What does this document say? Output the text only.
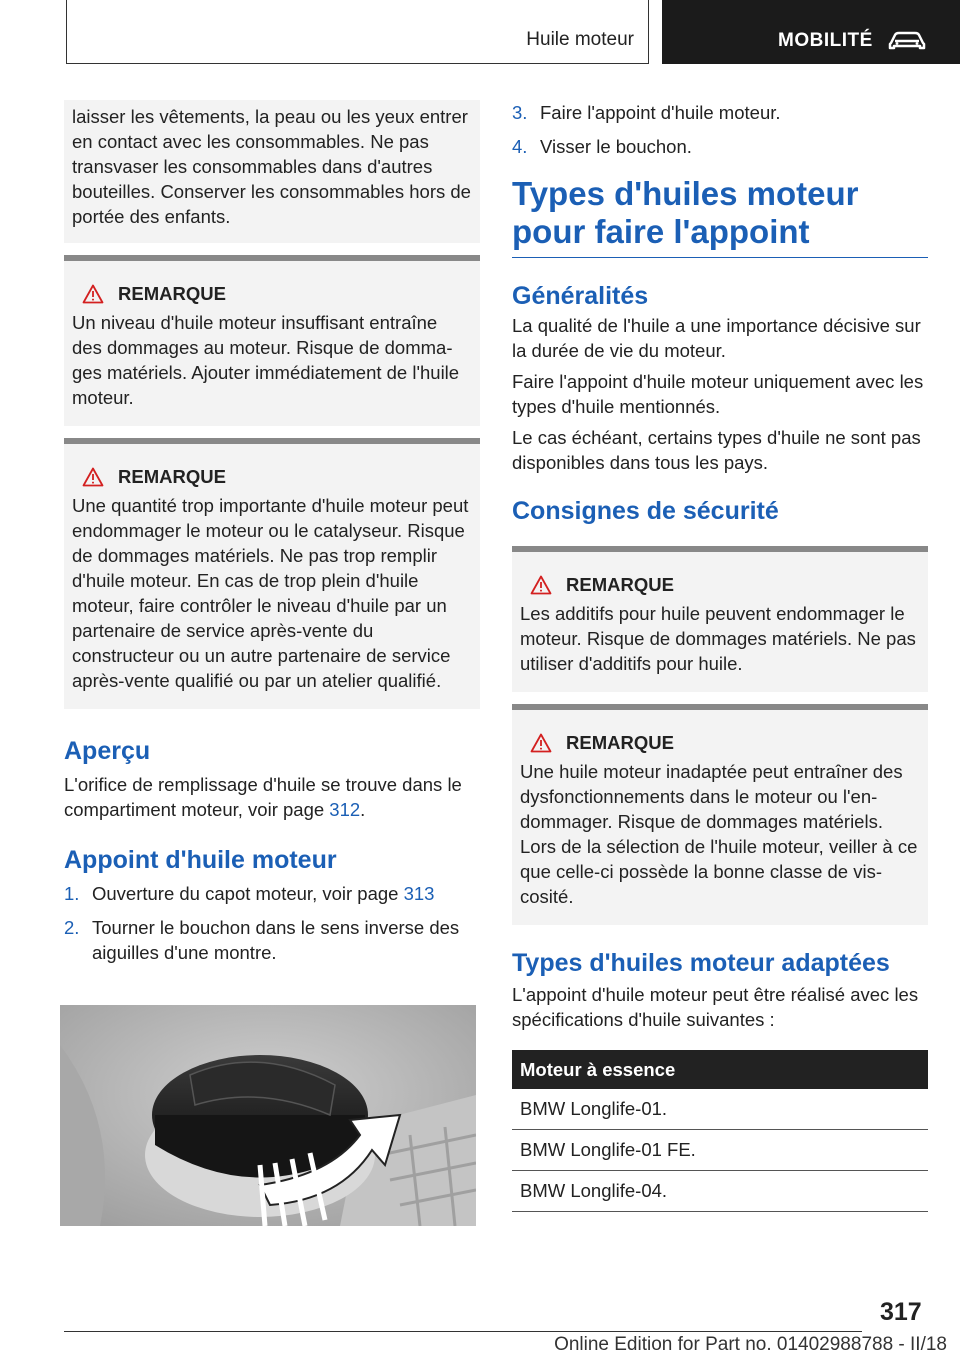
Huile moteur	MOBILITÉ

laisser les vêtements, la peau ou les yeux entrer en contact avec les consommables. Ne pas transvaser les consommables dans d'autres bouteilles. Conserver les consommables hors de portée des enfants.

REMARQUE

Un niveau d'huile moteur insuffisant entraîne des dommages au moteur. Risque de dommages matériels. Ajouter immédiatement de l'huile moteur.

REMARQUE

Une quantité trop importante d'huile moteur peut endommager le moteur ou le catalyseur. Risque de dommages matériels. Ne pas trop remplir d'huile moteur. En cas de trop plein d'huile moteur, faire contrôler le niveau d'huile par un partenaire de service après-vente du constructeur ou un autre partenaire de service après-vente qualifié ou par un atelier qualifié.

Aperçu

L'orifice de remplissage d'huile se trouve dans le compartiment moteur, voir page 312.

Appoint d'huile moteur
1. Ouverture du capot moteur, voir page 313
2. Tourner le bouchon dans le sens inverse des aiguilles d'une montre.
3. Faire l'appoint d'huile moteur.
4. Visser le bouchon.
Types d'huiles moteur pour faire l'appoint
Généralités

La qualité de l'huile a une importance décisive sur la durée de vie du moteur.

Faire l'appoint d'huile moteur uniquement avec les types d'huile mentionnés.

Le cas échéant, certains types d'huile ne sont pas disponibles dans tous les pays.

Consignes de sécurité
REMARQUE

Les additifs pour huile peuvent endommager le moteur. Risque de dommages matériels. Ne pas utiliser d'additifs pour huile.

REMARQUE

Une huile moteur inadaptée peut entraîner des dysfonctionnements dans le moteur ou l'endommager. Risque de dommages matériels. Lors de la sélection de l'huile moteur, veiller à ce que celle-ci possède la bonne classe de viscosité.

Types d'huiles moteur adaptées

L'appoint d'huile moteur peut être réalisé avec les spécifications d'huile suivantes :

Moteur à essence
BMW Longlife-01.
BMW Longlife-01 FE.
BMW Longlife-04.
317
Online Edition for Part no. 01402988788 - II/18
